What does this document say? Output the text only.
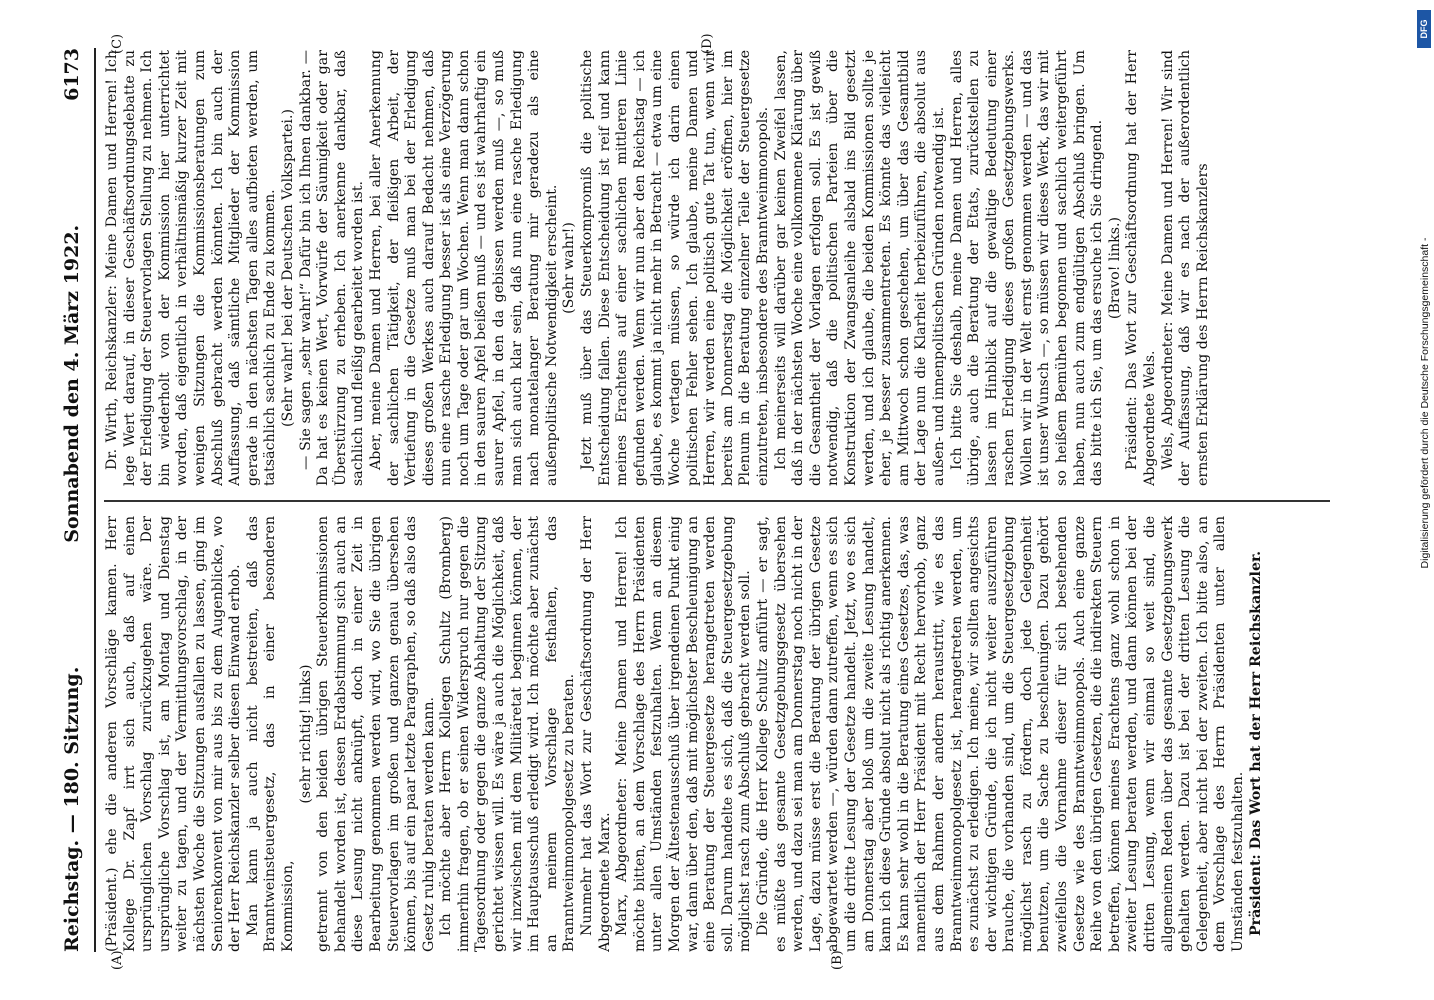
Reichstag. — 180. Sitzung.
Sonnabend den 4. März 1922.
6173

(Präsident.) ehe die anderen Vorschläge kamen. Herr Kollege Dr. Zapf irrt sich auch, daß auf einen ursprünglichen Vorschlag zurückzugehen wäre. Der ursprüngliche Vorschlag ist, am Montag und Dienstag weiter zu tagen, und der Vermittlungsvorschlag, in der nächsten Woche die Sitzungen ausfallen zu lassen, ging im Seniorenkonvent von mir aus bis zu dem Augenblicke, wo der Herr Reichskanzler selber diesen Einwand erhob. Man kann ja auch nicht bestreiten, daß das Branntweinsteuergesetz, das in einer besonderen Kommission,

(sehr richtig! links) getrennt von den beiden übrigen Steuerkommissionen behandelt worden ist, dessen Erdabstimmung sich auch an diese Lesung nicht anknüpft, doch in einer Zeit in Bearbeitung genommen werden wird, wo Sie die übrigen Steuervorlagen im großen und ganzen genau übersehen können, bis auf ein paar letzte Paragraphen, so daß also das Gesetz ruhig beraten werden kann. Ich möchte aber Herrn Kollegen Schultz (Bromberg) immerhin fragen, ob er seinen Widerspruch nur gegen die Tagesordnung oder gegen die ganze Abhaltung der Sitzung gerichtet wissen will. Es wäre ja auch die Möglichkeit, daß wir inzwischen mit dem Militäretat beginnen können, der im Hauptausschuß erledigt wird. Ich möchte aber zunächst an meinem Vorschlage festhalten, das Branntweinmonopolgesetz zu beraten. Nunmehr hat das Wort zur Geschäftsordnung der Herr Abgeordnete Marx. Marx, Abgeordneter: Meine Damen und Herren! Ich möchte bitten, an dem Vorschlage des Herrn Präsidenten unter allen Umständen festzuhalten. Wenn an diesem Morgen der Ältestenausschuß über irgendeinen Punkt einig war, dann über den, daß mit möglichster Beschleunigung an eine Beratung der Steuergesetze herangetreten werden soll. Darum handelte es sich, daß die Steuergesetzgebung möglichst rasch zum Abschluß gebracht werden soll. Die Gründe, die Herr Kollege Schultz anführt — er sagt, es müßte das gesamte Gesetzgebungsgesetz übersehen werden, und dazu sei man am Donnerstag noch nicht in der Lage, dazu müsse erst die Beratung der übrigen Gesetze abgewartet werden —, würden dann zutreffen, wenn es sich um die dritte Lesung der Gesetze handelt. Jetzt, wo es sich am Donnerstag aber bloß um die zweite Lesung handelt, kann ich diese Gründe absolut nicht als richtig anerkennen. Es kann sehr wohl in die Beratung eines Gesetzes, das, was namentlich der Herr Präsident mit Recht hervorhob, ganz aus dem Rahmen der andern heraustritt, wie es das Branntweinmonopolgesetz ist, herangetreten werden, um es zunächst zu erledigen. Ich meine, wir sollten angesichts der wichtigen Gründe, die ich nicht weiter auszuführen brauche, die vorhanden sind, um die Steuergesetzgebung möglichst rasch zu fördern, doch jede Gelegenheit benutzen, um die Sache zu beschleunigen. Dazu gehört zweifellos die Vornahme dieser für sich bestehenden Gesetze wie des Branntweinmonopols. Auch eine ganze Reihe von den übrigen Gesetzen, die die indirekten Steuern betreffen, können meines Erachtens ganz wohl schon in zweiter Lesung beraten werden, und dann können bei der dritten Lesung, wenn wir einmal so weit sind, die allgemeinen Reden über das gesamte Gesetzgebungswerk gehalten werden. Dazu ist bei der dritten Lesung die Gelegenheit, aber nicht bei der zweiten. Ich bitte also, an dem Vorschlage des Herrn Präsidenten unter allen Umständen festzuhalten. Präsident: Das Wort hat der Herr Reichskanzler.

Dr. Wirth, Reichskanzler: Meine Damen und Herren! Ich lege Wert darauf, in dieser Geschäftsordnungsdebatte zu der Erledigung der Steuervorlagen Stellung zu nehmen. Ich bin wiederholt von der Kommission hier unterrichtet worden, daß eigentlich in verhältnismäßig kurzer Zeit mit wenigen Sitzungen die Kommissionsberatungen zum Abschluß gebracht werden könnten. Ich bin auch der Auffassung, daß sämtliche Mitglieder der Kommission gerade in den nächsten Tagen alles aufbieten werden, um tatsächlich sachlich zu Ende zu kommen. (Sehr wahr! bei der Deutschen Volkspartei.) — Sie sagen „sehr wahr!“ Dafür bin ich Ihnen dankbar. — Da hat es keinen Wert, Vorwürfe der Säumigkeit oder gar Überstürzung zu erheben. Ich anerkenne dankbar, daß sachlich und fleißig gearbeitet worden ist. Aber, meine Damen und Herren, bei aller Anerkennung der sachlichen Tätigkeit, der fleißigen Arbeit, der Vertiefung in die Gesetze muß man bei der Erledigung dieses großen Werkes auch darauf Bedacht nehmen, daß nun eine rasche Erledigung besser ist als eine Verzögerung noch um Tage oder gar um Wochen. Wenn man dann schon in den sauren Apfel beißen muß — und es ist wahrhaftig ein saurer Apfel, in den da gebissen werden muß —, so muß man sich auch klar sein, daß nun eine rasche Erledigung nach monatelanger Beratung mir geradezu als eine außenpolitische Notwendigkeit erscheint. (Sehr wahr!) Jetzt muß über das Steuerkompromiß die politische Entscheidung fallen. Diese Entscheidung ist reif und kann meines Erachtens auf einer sachlichen mittleren Linie gefunden werden. Wenn wir nun aber den Reichstag — ich glaube, es kommt ja nicht mehr in Betracht — etwa um eine Woche vertagen müssen, so würde ich darin einen politischen Fehler sehen. Ich glaube, meine Damen und Herren, wir werden eine politisch gute Tat tun, wenn wir bereits am Donnerstag die Möglichkeit eröffnen, hier im Plenum in die Beratung einzelner Teile der Steuergesetze einzutreten, insbesondere des Branntweinmonopols. Ich meinerseits will darüber gar keinen Zweifel lassen, daß in der nächsten Woche eine vollkommene Klärung über die Gesamtheit der Vorlagen erfolgen soll. Es ist gewiß notwendig, daß die politischen Parteien über die Konstruktion der Zwangsanleihe alsbald ins Bild gesetzt werden, und ich glaube, die beiden Kommissionen sollte je eher, je besser zusammentreten. Es könnte das vielleicht am Mittwoch schon geschehen, um über das Gesamtbild der Lage nun die Klarheit herbeizuführen, die absolut aus außen- und innenpolitischen Gründen notwendig ist. Ich bitte Sie deshalb, meine Damen und Herren, alles übrige, auch die Beratung der Etats, zurückstellen zu lassen im Hinblick auf die gewaltige Bedeutung einer raschen Erledigung dieses großen Gesetzgebungswerks. Wollen wir in der Welt ernst genommen werden — und das ist unser Wunsch —, so müssen wir dieses Werk, das wir mit so heißem Bemühen begonnen und sachlich weitergeführt haben, nun auch zum endgültigen Abschluß bringen. Um das bitte ich Sie, um das ersuche ich Sie dringend. (Bravo! links.) Präsident: Das Wort zur Geschäftsordnung hat der Herr Abgeordnete Wels. Wels, Abgeordneter: Meine Damen und Herren! Wir sind der Auffassung, daß wir es nach der außerordentlich ernsten Erklärung des Herrn Reichskanzlers

(A)	(B)
(C)	(D)
DFG
Digitalisierung gefördert durch die Deutsche Forschungsgemeinschaft -
